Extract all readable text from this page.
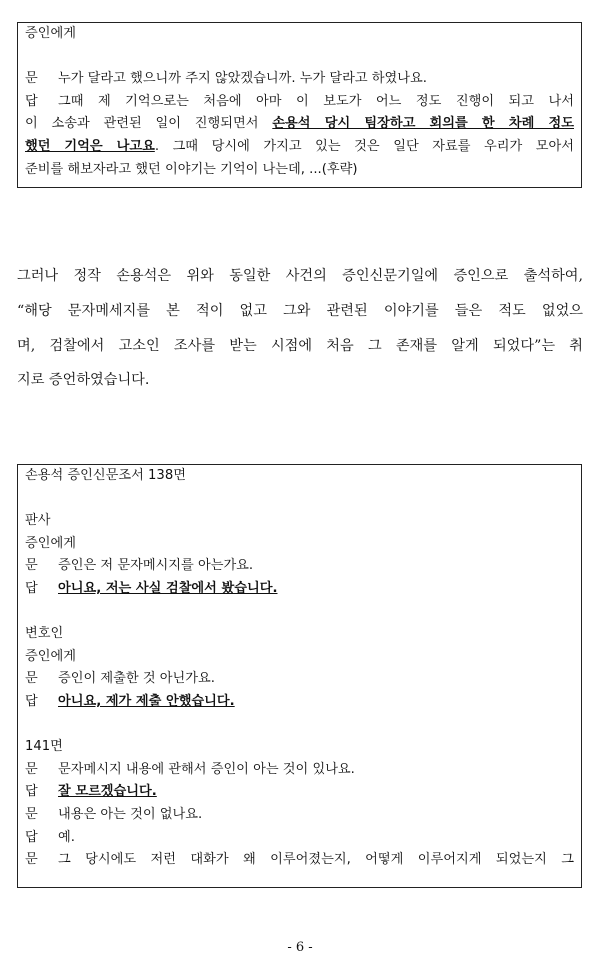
증인에게
문 누가 달라고 했으니까 주지 않았겠습니까. 누가 달라고 하였나요.
답 그때 제 기억으로는 처음에 아마 이 보도가 어느 정도 진행이 되고 나서
이 소송과 관련된 일이 진행되면서 손용석 당시 팀장하고 회의를 한 차례 정도
했던 기억은 나고요. 그때 당시에 가지고 있는 것은 일단 자료를 우리가 모아서
준비를 해보자라고 했던 이야기는 기억이 나는데, ...(후략)
그러나 정작 손용석은 위와 동일한 사건의 증인신문기일에 증인으로 출석하여,
“해당 문자메세지를 본 적이 없고 그와 관련된 이야기를 들은 적도 없었으
며, 검찰에서 고소인 조사를 받는 시점에 처음 그 존재를 알게 되었다”는 취
지로 증언하였습니다.
손용석 증인신문조서 138면
판사
증인에게
문 증인은 저 문자메시지를 아는가요.
답 아니요, 저는 사실 검찰에서 봤습니다.
변호인
증인에게
문 증인이 제출한 것 아닌가요.
답 아니요, 제가 제출 안했습니다.
141면
문 문자메시지 내용에 관해서 증인이 아는 것이 있나요.
답 잘 모르겠습니다.
문 내용은 아는 것이 없나요.
답 예.
문 그 당시에도 저런 대화가 왜 이루어졌는지, 어떻게 이루어지게 되었는지 그
- 6 -
